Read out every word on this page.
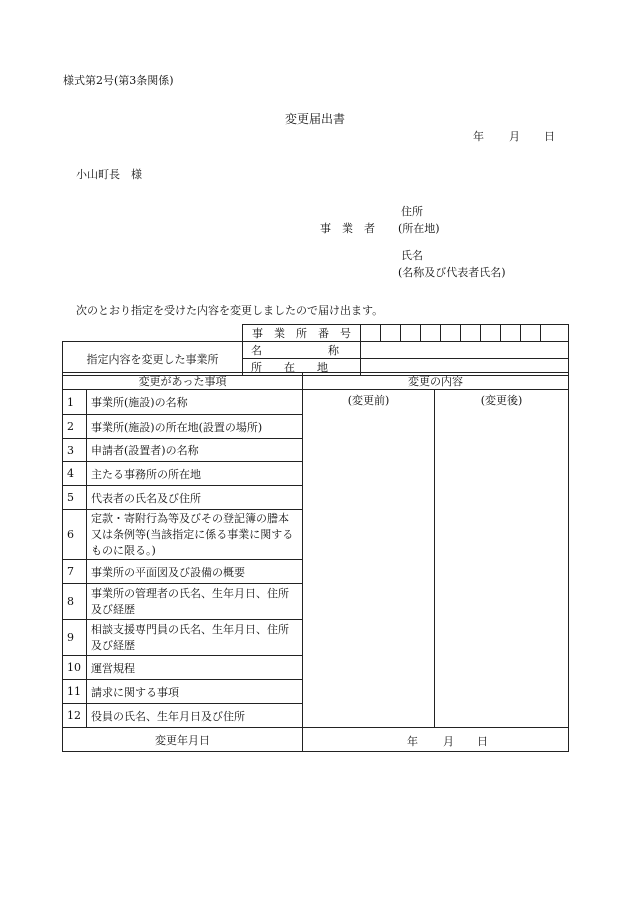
様式第2号(第3条関係)
変更届出書
年 月 日
小山町長　様
住所
事　業　者 (所在地)
氏名
(名称及び代表者氏名)
次のとおり指定を受けた内容を変更しましたので届け出ます。
	事　業　所　番　号										
指定内容を変更した事業所	名　　　　　　称										
	所　　在　　地										
変更があった事項		変更の内容	
1	事業所(施設)の名称	(変更前)	(変更後)

2	事業所(施設)の所在地(設置の場所)		
3	申請者(設置者)の名称		
4	主たる事務所の所在地		
5	代表者の氏名及び住所		
6	定款・寄附行為等及びその登記簿の謄本又は条例等(当該指定に係る事業に関するものに限る。)		
7	事業所の平面図及び設備の概要		
8	事業所の管理者の氏名、生年月日、住所及び経歴		
9	相談支援専門員の氏名、生年月日、住所及び経歴		
10	運営規程		
11	請求に関する事項		
12	役員の氏名、生年月日及び住所		
変更年月日		年 月 日	
